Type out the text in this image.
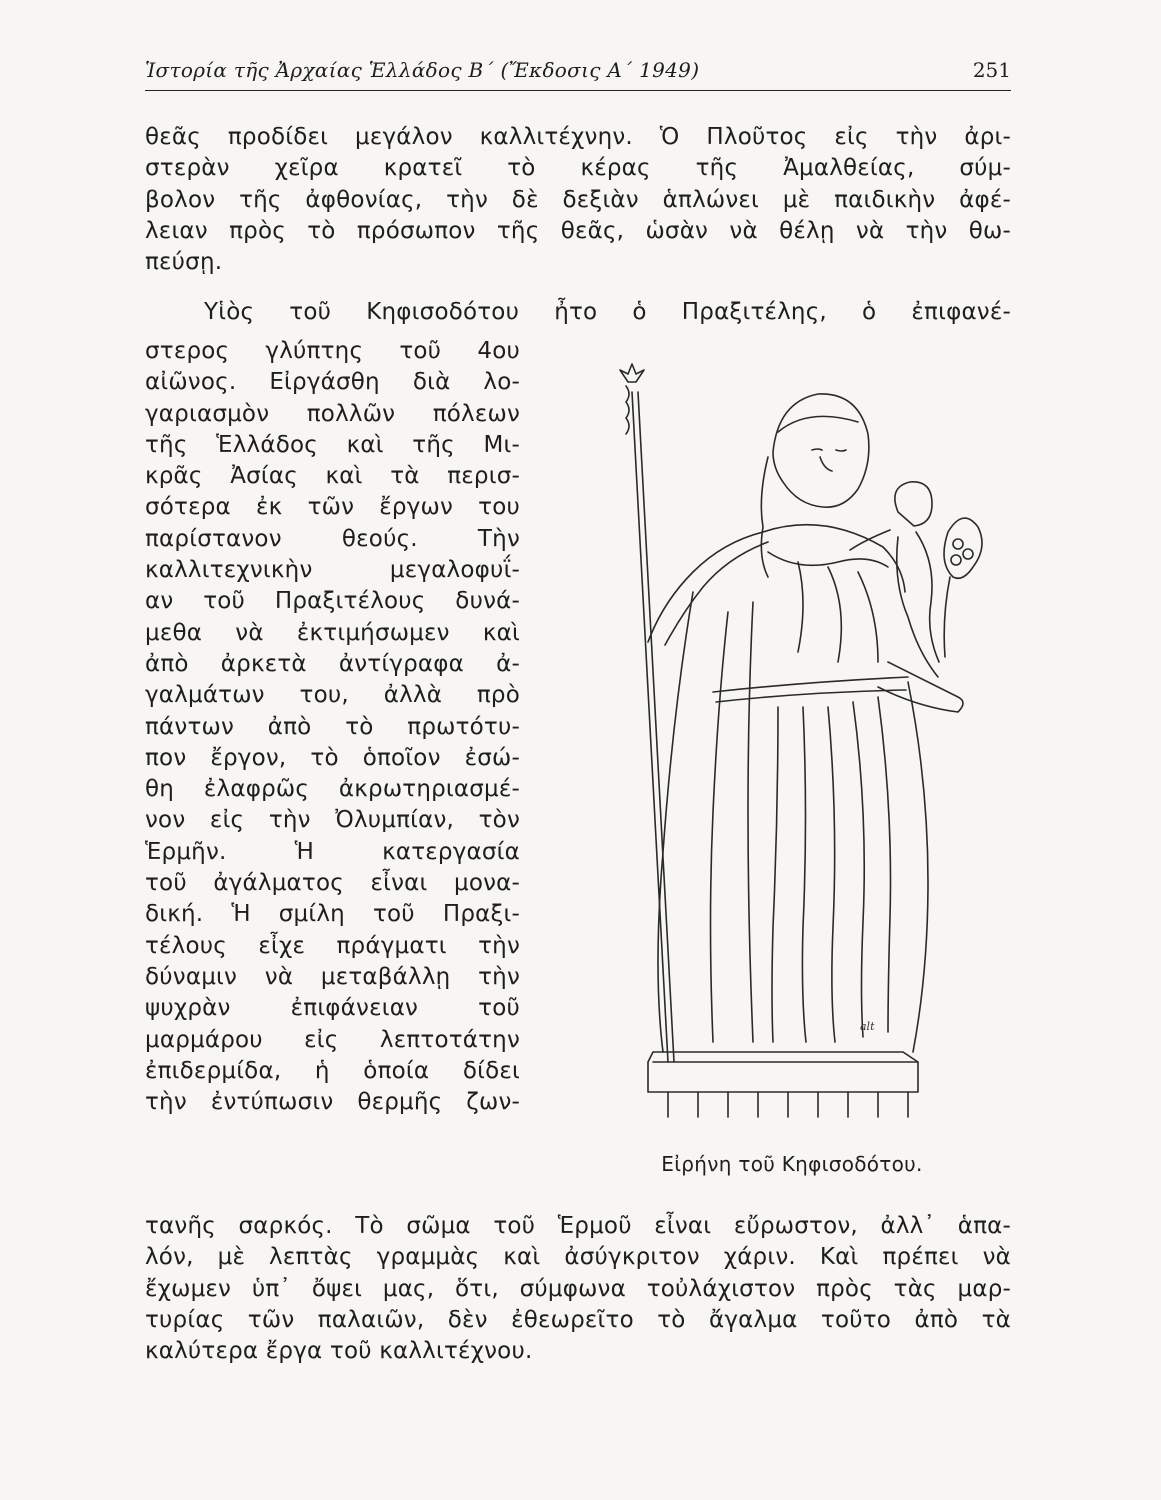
Ἱστορία τῆς Ἀρχαίας Ἑλλάδος Β΄ (Ἔκδοσις Α΄ 1949)	251

θεᾶς προδίδει μεγάλον καλλιτέχνην. Ὁ Πλοῦτος εἰς τὴν ἀρι-
στερὰν χεῖρα κρατεῖ τὸ κέρας τῆς Ἀμαλθείας, σύμ-
βολον τῆς ἀφθονίας, τὴν δὲ δεξιὰν ἁπλώνει μὲ παιδικὴν ἀφέ-
λειαν πρὸς τὸ πρόσωπον τῆς θεᾶς, ὡσὰν νὰ θέλῃ νὰ τὴν θω-
πεύσῃ.

Υἱὸς τοῦ Κηφισοδότου ἦτο ὁ Πραξιτέλης, ὁ ἐπιφανέ-

στερος γλύπτης τοῦ 4ου
αἰῶνος. Εἰργάσθη διὰ λο-
γαριασμὸν πολλῶν πόλεων
τῆς Ἑλλάδος καὶ τῆς Μι-
κρᾶς Ἀσίας καὶ τὰ περισ-
σότερα ἐκ τῶν ἔργων του
παρίστανον θεούς. Τὴν
καλλιτεχνικὴν μεγαλοφυΐ-
αν τοῦ Πραξιτέλους δυνά-
μεθα νὰ ἐκτιμήσωμεν καὶ
ἀπὸ ἀρκετὰ ἀντίγραφα ἀ-
γαλμάτων του, ἀλλὰ πρὸ
πάντων ἀπὸ τὸ πρωτότυ-
πον ἔργον, τὸ ὁποῖον ἐσώ-
θη ἐλαφρῶς ἀκρωτηριασμέ-
νον εἰς τὴν Ὀλυμπίαν, τὸν
Ἑρμῆν. Ἡ κατεργασία
τοῦ ἀγάλματος εἶναι μονα-
δική. Ἡ σμίλη τοῦ Πραξι-
τέλους εἶχε πράγματι τὴν
δύναμιν νὰ μεταβάλλῃ τὴν
ψυχρὰν ἐπιφάνειαν τοῦ
μαρμάρου εἰς λεπτοτάτην
ἐπιδερμίδα, ἡ ὁποία δίδει
τὴν ἐντύπωσιν θερμῆς ζων-

alt
Εἰρήνη τοῦ Κηφισοδότου.

τανῆς σαρκός. Τὸ σῶμα τοῦ Ἑρμοῦ εἶναι εὔρωστον, ἀλλ᾽ ἁπα-
λόν, μὲ λεπτὰς γραμμὰς καὶ ἀσύγκριτον χάριν. Καὶ πρέπει νὰ
ἔχωμεν ὑπ᾽ ὄψει μας, ὅτι, σύμφωνα τοὐλάχιστον πρὸς τὰς μαρ-
τυρίας τῶν παλαιῶν, δὲν ἐθεωρεῖτο τὸ ἄγαλμα τοῦτο ἀπὸ τὰ
καλύτερα ἔργα τοῦ καλλιτέχνου.
